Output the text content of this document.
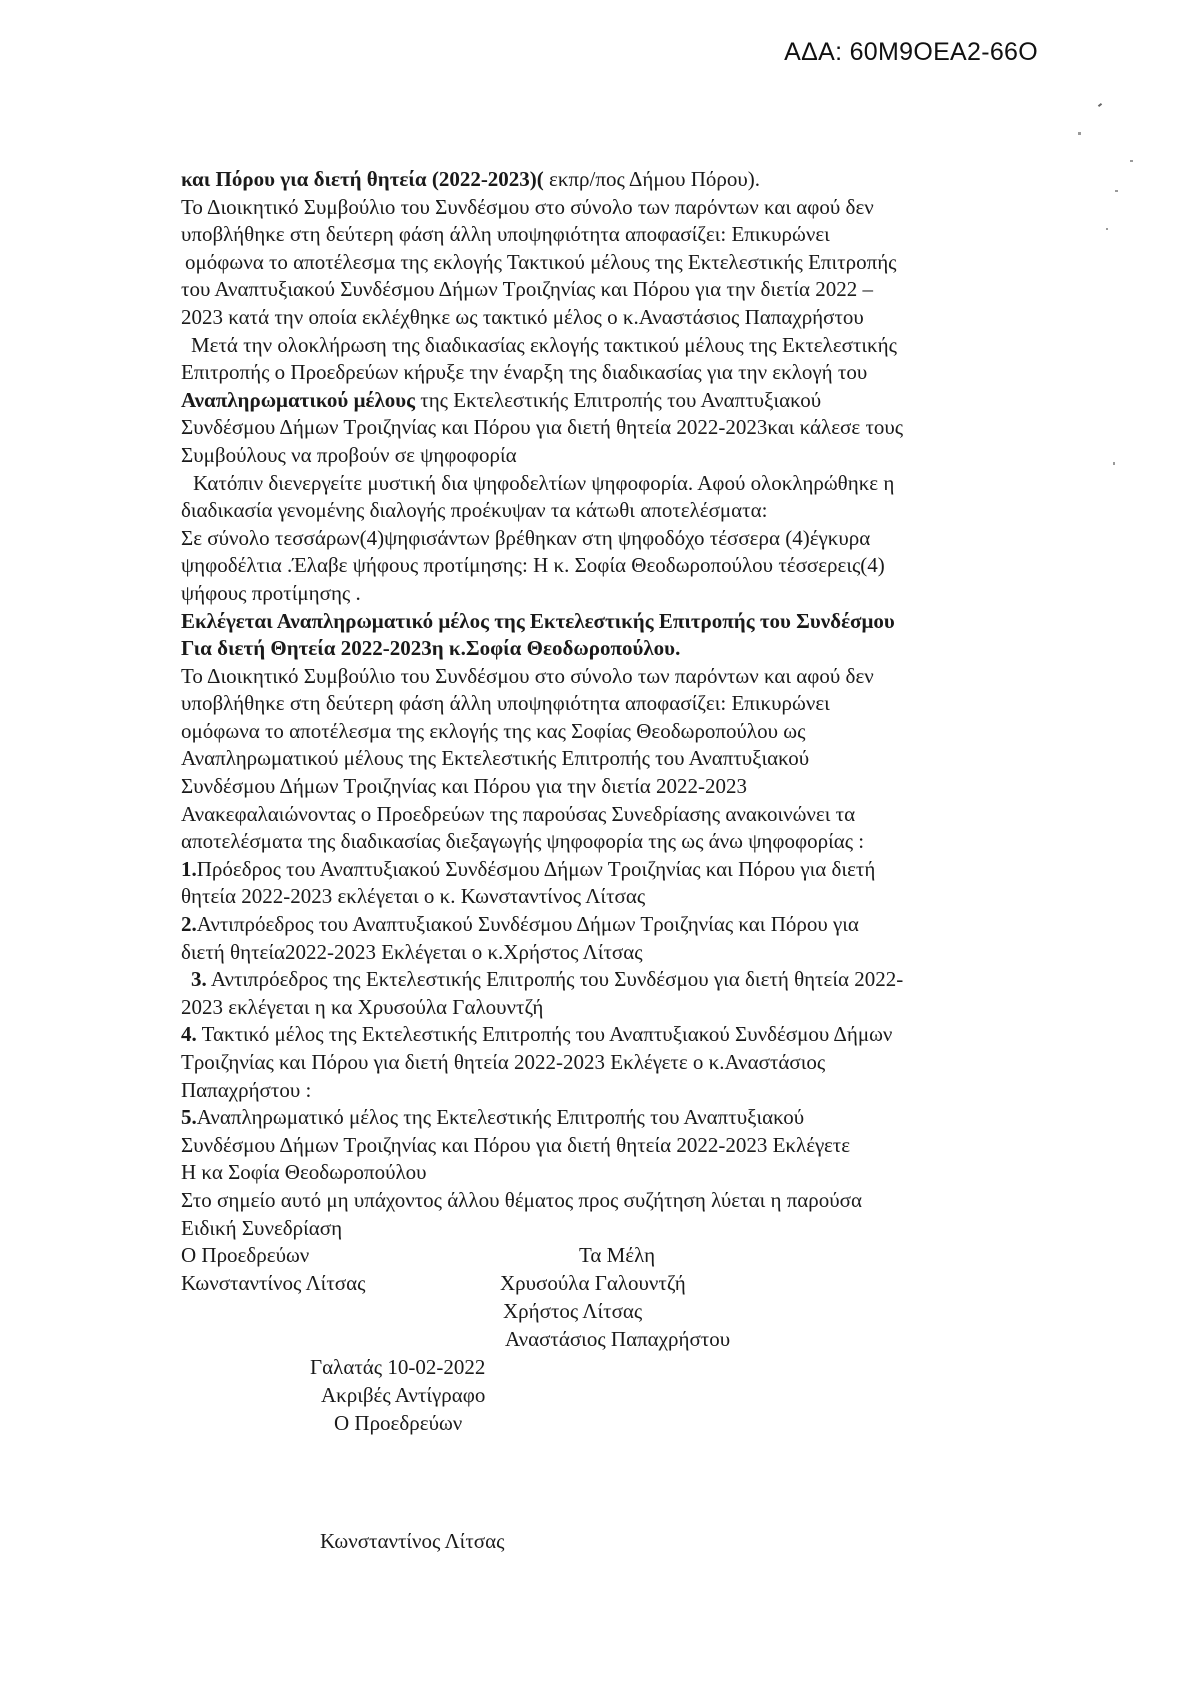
ΑΔΑ: 60Μ9ΟΕΑ2-66Ο
και Πόρου για διετή θητεία (2022-2023)( εκπρ/πος Δήμου Πόρου).
Το Διοικητικό Συμβούλιο του Συνδέσμου στο σύνολο των παρόντων και αφού δεν
υποβλήθηκε στη δεύτερη φάση άλλη υποψηφιότητα αποφασίζει: Επικυρώνει
ομόφωνα το αποτέλεσμα της εκλογής Τακτικού μέλους της Εκτελεστικής Επιτροπής
του Αναπτυξιακού Συνδέσμου Δήμων Τροιζηνίας και Πόρου για την διετία 2022 –
2023 κατά την οποία εκλέχθηκε ως τακτικό μέλος ο κ.Αναστάσιος Παπαχρήστου
Μετά την ολοκλήρωση της διαδικασίας εκλογής τακτικού μέλους της Εκτελεστικής
Επιτροπής ο Προεδρεύων κήρυξε την έναρξη της διαδικασίας για την εκλογή του
Αναπληρωματικού μέλους της Εκτελεστικής Επιτροπής του Αναπτυξιακού
Συνδέσμου Δήμων Τροιζηνίας και Πόρου για διετή θητεία 2022-2023και κάλεσε τους
Συμβούλους να προβούν σε ψηφοφορία
Κατόπιν διενεργείτε μυστική δια ψηφοδελτίων ψηφοφορία. Αφού ολοκληρώθηκε η
διαδικασία γενομένης διαλογής προέκυψαν τα κάτωθι αποτελέσματα:
Σε σύνολο τεσσάρων(4)ψηφισάντων βρέθηκαν στη ψηφοδόχο τέσσερα (4)έγκυρα
ψηφοδέλτια .Έλαβε ψήφους προτίμησης: Η κ. Σοφία Θεοδωροπούλου τέσσερεις(4)
ψήφους προτίμησης .
Εκλέγεται Αναπληρωματικό μέλος της Εκτελεστικής Επιτροπής του Συνδέσμου
Για διετή Θητεία 2022-2023η κ.Σοφία Θεοδωροπούλου.
Το Διοικητικό Συμβούλιο του Συνδέσμου στο σύνολο των παρόντων και αφού δεν
υποβλήθηκε στη δεύτερη φάση άλλη υποψηφιότητα αποφασίζει: Επικυρώνει
ομόφωνα το αποτέλεσμα της εκλογής της κας Σοφίας Θεοδωροπούλου ως
Αναπληρωματικού μέλους της Εκτελεστικής Επιτροπής του Αναπτυξιακού
Συνδέσμου Δήμων Τροιζηνίας και Πόρου για την διετία 2022-2023
Ανακεφαλαιώνοντας ο Προεδρεύων της παρούσας Συνεδρίασης ανακοινώνει τα
αποτελέσματα της διαδικασίας διεξαγωγής ψηφοφορία της ως άνω ψηφοφορίας :
1.Πρόεδρος του Αναπτυξιακού Συνδέσμου Δήμων Τροιζηνίας και Πόρου για διετή
θητεία 2022-2023 εκλέγεται ο κ. Κωνσταντίνος Λίτσας
2.Αντιπρόεδρος του Αναπτυξιακού Συνδέσμου Δήμων Τροιζηνίας και Πόρου για
διετή θητεία2022-2023 Εκλέγεται ο κ.Χρήστος Λίτσας
3. Αντιπρόεδρος της Εκτελεστικής Επιτροπής του Συνδέσμου για διετή θητεία 2022-
2023 εκλέγεται η κα Χρυσούλα Γαλουντζή
4. Τακτικό μέλος της Εκτελεστικής Επιτροπής του Αναπτυξιακού Συνδέσμου Δήμων
Τροιζηνίας και Πόρου για διετή θητεία 2022-2023 Εκλέγετε ο κ.Αναστάσιος
Παπαχρήστου :
5.Αναπληρωματικό μέλος της Εκτελεστικής Επιτροπής του Αναπτυξιακού
Συνδέσμου Δήμων Τροιζηνίας και Πόρου για διετή θητεία 2022-2023 Εκλέγετε
Η κα Σοφία Θεοδωροπούλου
Στο σημείο αυτό μη υπάχοντος άλλου θέματος προς συζήτηση λύεται η παρούσα
Ειδική Συνεδρίαση
Ο Προεδρεύων
Κωνσταντίνος Λίτσας
Τα Μέλη
Χρυσούλα Γαλουντζή
Χρήστος Λίτσας
Αναστάσιος Παπαχρήστου
Γαλατάς 10-02-2022
Ακριβές Αντίγραφο
Ο Προεδρεύων
Κωνσταντίνος Λίτσας
